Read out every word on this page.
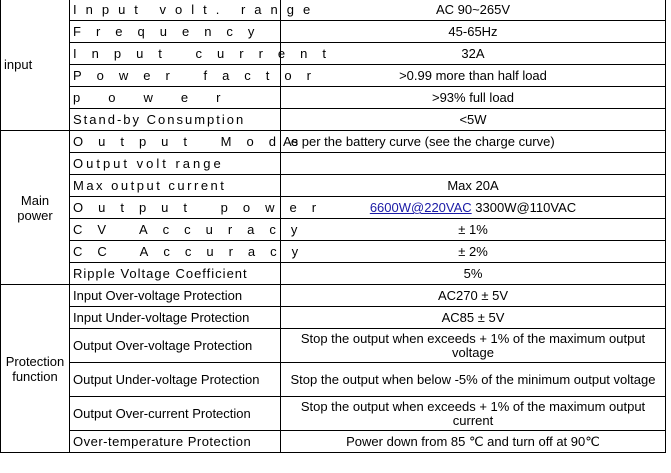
input	Input volt. range	AC 90~265V
	Frequency	45-65Hz
	Input current	32A
	Power factor	>0.99 more than half load
	power	>93% full load
	Stand-by Consumption	<5W
Main power	Output Mode	As per the battery curve (see the charge curve)
	Output volt range	
	Max output current	Max 20A
	Output power	6600W@220VAC 3300W@110VAC
	CV Accuracy	± 1%
	CC Accuracy	± 2%
	Ripple Voltage Coefficient	5%
Protection function	Input Over-voltage Protection	AC270 ± 5V
	Input Under-voltage Protection	AC85 ± 5V
	Output Over-voltage Protection	Stop the output when exceeds + 1% of the maximum output voltage
	Output Under-voltage Protection	Stop the output when below -5% of the minimum output voltage
	Output Over-current Protection	Stop the output when exceeds + 1% of the maximum output current
	Over-temperature Protection	Power down from 85 ℃ and turn off at 90℃
